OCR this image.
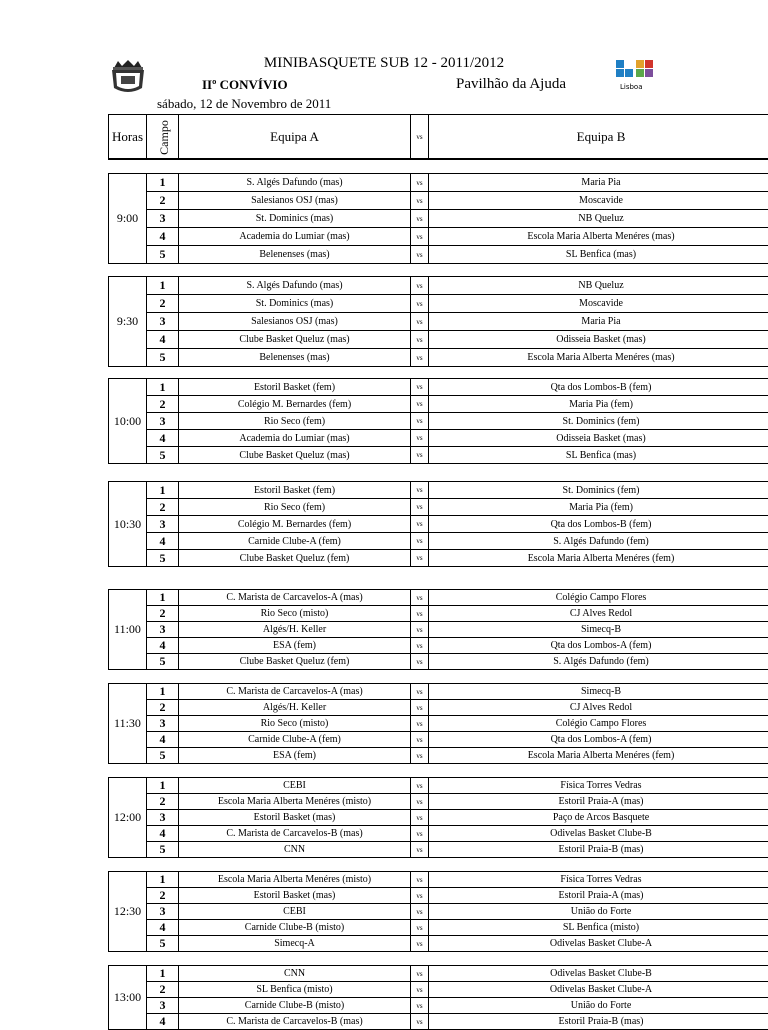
MINIBASQUETE SUB 12 - 2011/2012
IIº CONVÍVIO	Pavilhão da Ajuda
sábado, 12 de Novembro de 2011
Lisboa
Horas	Campo	Equipa A	vs	Equipa B
9:00	1	S. Algés Dafundo (mas)	vs	Maria Pia
	2	Salesianos OSJ (mas)	vs	Moscavide
	3	St. Dominics (mas)	vs	NB Queluz
	4	Academia do Lumiar (mas)	vs	Escola Maria Alberta Menéres (mas)
	5	Belenenses (mas)	vs	SL Benfica (mas)
9:30	1	S. Algés Dafundo (mas)	vs	NB Queluz
	2	St. Dominics (mas)	vs	Moscavide
	3	Salesianos OSJ (mas)	vs	Maria Pia
	4	Clube Basket Queluz (mas)	vs	Odisseia Basket (mas)
	5	Belenenses (mas)	vs	Escola Maria Alberta Menéres (mas)
10:00	1	Estoril Basket (fem)	vs	Qta dos Lombos-B (fem)
	2	Colégio M. Bernardes (fem)	vs	Maria Pia (fem)
	3	Rio Seco (fem)	vs	St. Dominics (fem)
	4	Academia do Lumiar (mas)	vs	Odisseia Basket (mas)
	5	Clube Basket Queluz (mas)	vs	SL Benfica (mas)
10:30	1	Estoril Basket (fem)	vs	St. Dominics (fem)
	2	Rio Seco (fem)	vs	Maria Pia (fem)
	3	Colégio M. Bernardes (fem)	vs	Qta dos Lombos-B (fem)
	4	Carnide Clube-A (fem)	vs	S. Algés Dafundo (fem)
	5	Clube Basket Queluz (fem)	vs	Escola Maria Alberta Menéres (fem)
11:00	1	C. Marista de Carcavelos-A (mas)	vs	Colégio Campo Flores
	2	Rio Seco (misto)	vs	CJ Alves Redol
	3	Algés/H. Keller	vs	Simecq-B
	4	ESA (fem)	vs	Qta dos Lombos-A (fem)
	5	Clube Basket Queluz (fem)	vs	S. Algés Dafundo (fem)
11:30	1	C. Marista de Carcavelos-A (mas)	vs	Simecq-B
	2	Algés/H. Keller	vs	CJ Alves Redol
	3	Rio Seco (misto)	vs	Colégio Campo Flores
	4	Carnide Clube-A (fem)	vs	Qta dos Lombos-A (fem)
	5	ESA (fem)	vs	Escola Maria Alberta Menéres (fem)
12:00	1	CEBI	vs	Física Torres Vedras
	2	Escola Maria Alberta Menéres (misto)	vs	Estoril Praia-A (mas)
	3	Estoril Basket (mas)	vs	Paço de Arcos Basquete
	4	C. Marista de Carcavelos-B (mas)	vs	Odivelas Basket Clube-B
	5	CNN	vs	Estoril Praia-B (mas)
12:30	1	Escola Maria Alberta Menéres (misto)	vs	Física Torres Vedras
	2	Estoril Basket (mas)	vs	Estoril Praia-A (mas)
	3	CEBI	vs	União do Forte
	4	Carnide Clube-B (misto)	vs	SL Benfica (misto)
	5	Simecq-A	vs	Odivelas Basket Clube-A
13:00	1	CNN	vs	Odivelas Basket Clube-B
	2	SL Benfica (misto)	vs	Odivelas Basket Clube-A
	3	Carnide Clube-B (misto)	vs	União do Forte
	4	C. Marista de Carcavelos-B (mas)	vs	Estoril Praia-B (mas)
